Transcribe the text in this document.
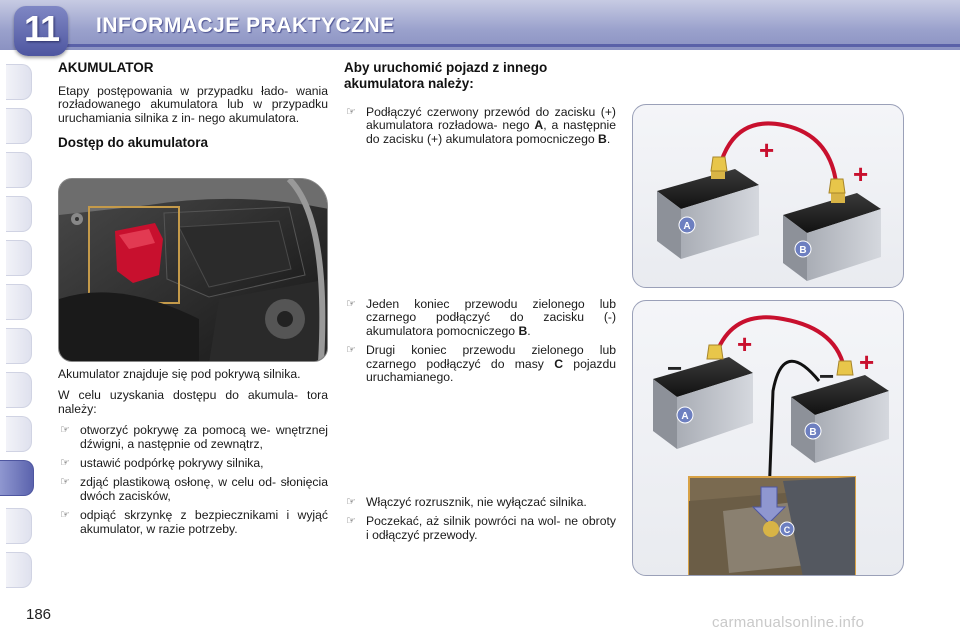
11	INFORMACJE PRAKTYCZNE
AKUMULATOR

Etapy postępowania w przypadku łado- wania rozładowanego akumulatora lub w przypadku uruchamiania silnika z in- nego akumulatora.

Dostęp do akumulatora

Akumulator znajduje się pod pokrywą silnika.

W celu uzyskania dostępu do akumula- tora należy:

☞ otworzyć pokrywę za pomocą we- wnętrznej dźwigni, a następnie od zewnątrz,
☞ ustawić podpórkę pokrywy silnika,
☞ zdjąć plastikową osłonę, w celu od- słonięcia dwóch zacisków,
☞ odpiąć skrzynkę z bezpiecznikami i wyjąć akumulator, w razie potrzeby.
Aby uruchomić pojazd z innego
akumulatora należy:
☞ Podłączyć czerwony przewód do zacisku (+) akumulatora rozładowa- nego A, a następnie do zacisku (+) akumulatora pomocniczego B.
☞ Jeden koniec przewodu zielonego lub czarnego podłączyć do zacisku (-) akumulatora pomocniczego B.
☞ Drugi koniec przewodu zielonego lub czarnego podłączyć do masy C pojazdu uruchamianego.
☞ Włączyć rozrusznik, nie wyłączać silnika.
☞ Poczekać, aż silnik powróci na wol- ne obroty i odłączyć przewody.
A
B
+
+
A
B
+
+
−	−
C
186	carmanualsonline.info
